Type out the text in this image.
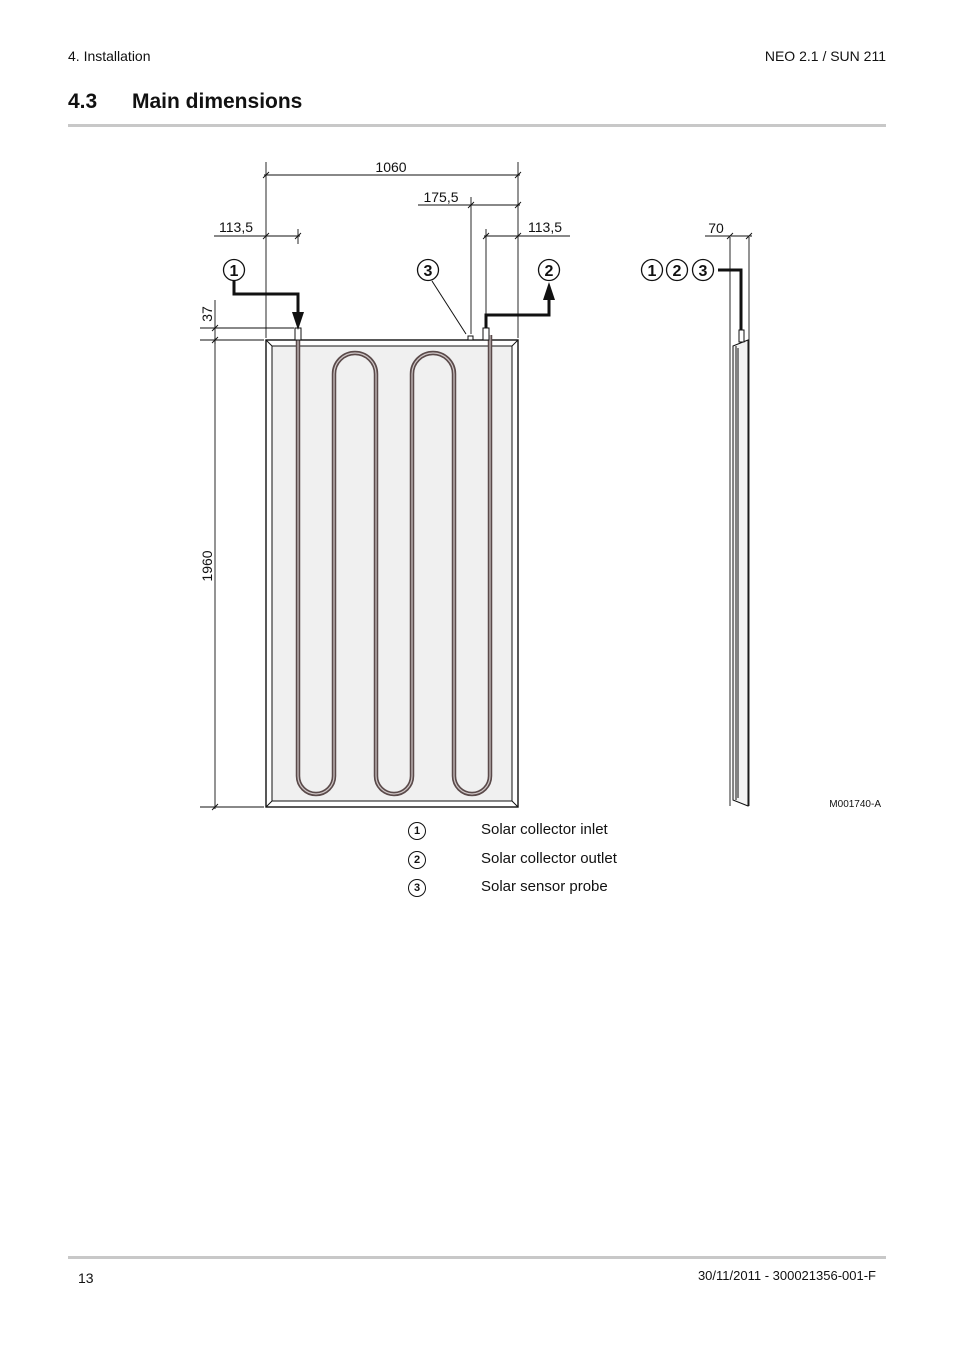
4. Installation	NEO 2.1 / SUN 211
4.3 Main dimensions
1	3	2
1060
175,5
113,5	113,5
37
1960
70
1 2 3
M001740-A
1	Solar collector inlet
2	Solar collector outlet
3	Solar sensor probe
13	30/11/2011 - 300021356-001-F
